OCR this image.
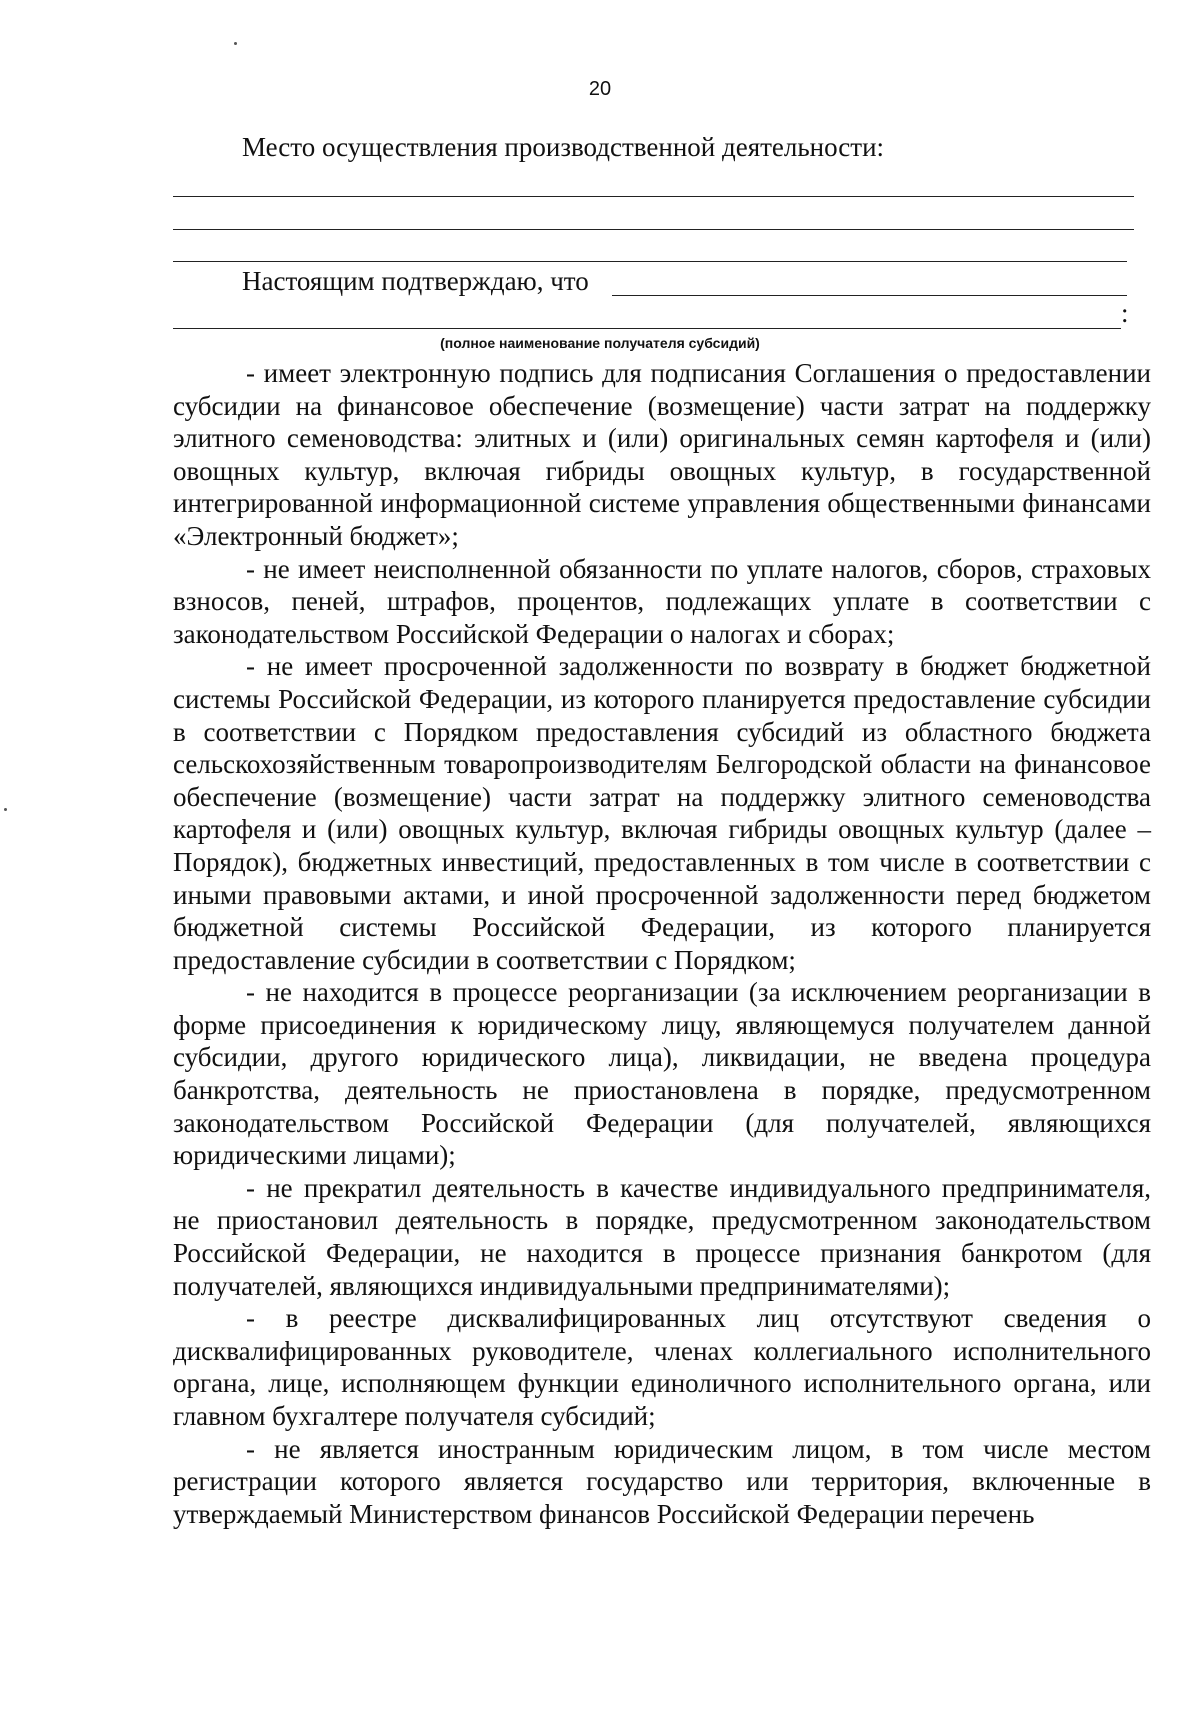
20
Место осуществления производственной деятельности:
Настоящим подтверждаю, что
:
(полное наименование получателя субсидий)

- имеет электронную подпись для подписания Соглашения о предоставлении субсидии на финансовое обеспечение (возмещение) части затрат на поддержку элитного семеноводства: элитных и (или) оригинальных семян картофеля и (или) овощных культур, включая гибриды овощных культур, в государственной интегрированной информационной системе управления общественными финансами «Электронный бюджет»;

- не имеет неисполненной обязанности по уплате налогов, сборов, страховых взносов, пеней, штрафов, процентов, подлежащих уплате в соответствии с законодательством Российской Федерации о налогах и сборах;

- не имеет просроченной задолженности по возврату в бюджет бюджетной системы Российской Федерации, из которого планируется предоставление субсидии в соответствии с Порядком предоставления субсидий из областного бюджета сельскохозяйственным товаропроизводителям Белгородской области на финансовое обеспечение (возмещение) части затрат на поддержку элитного семеноводства картофеля и (или) овощных культур, включая гибриды овощных культур (далее – Порядок), бюджетных инвестиций, предоставленных в том числе в соответствии с иными правовыми актами, и иной просроченной задолженности перед бюджетом бюджетной системы Российской Федерации, из которого планируется предоставление субсидии в соответствии с Порядком;

- не находится в процессе реорганизации (за исключением реорганизации в форме присоединения к юридическому лицу, являющемуся получателем данной субсидии, другого юридического лица), ликвидации, не введена процедура банкротства, деятельность не приостановлена в порядке, предусмотренном законодательством Российской Федерации (для получателей, являющихся юридическими лицами);

- не прекратил деятельность в качестве индивидуального предпринимателя, не приостановил деятельность в порядке, предусмотренном законодательством Российской Федерации, не находится в процессе признания банкротом (для получателей, являющихся индивидуальными предпринимателями);

- в реестре дисквалифицированных лиц отсутствуют сведения о дисквалифицированных руководителе, членах коллегиального исполнительного органа, лице, исполняющем функции единоличного исполнительного органа, или главном бухгалтере получателя субсидий;

- не является иностранным юридическим лицом, в том числе местом регистрации которого является государство или территория, включенные в утверждаемый Министерством финансов Российской Федерации перечень
